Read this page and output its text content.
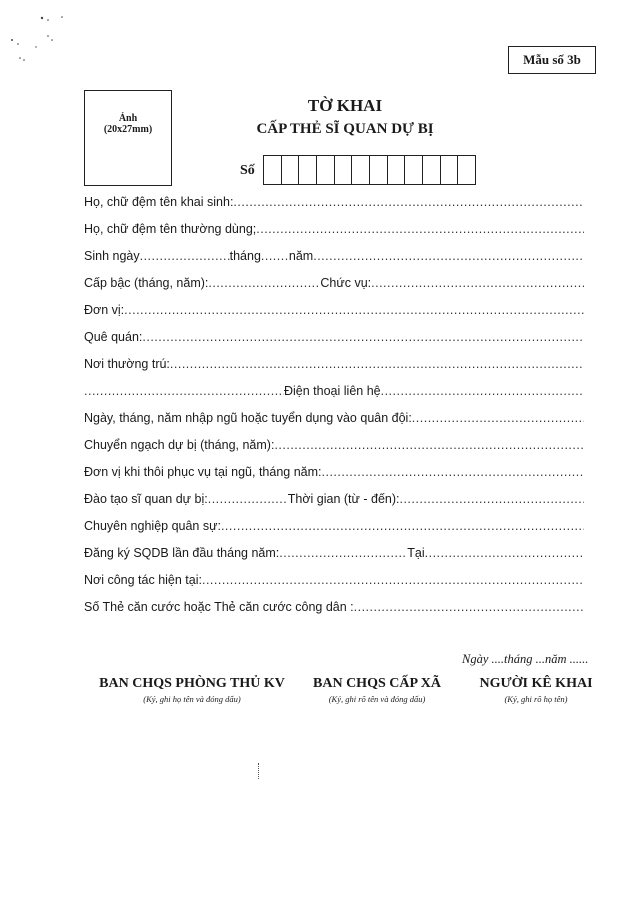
Mẫu số 3b
Ảnh
(20x27mm)
TỜ KHAI
CẤP THẺ SĨ QUAN DỰ BỊ
Số
Họ, chữ đệm tên khai sinh:
.....
Họ, chữ đệm tên thường dùng;
.....
Sinh ngày .....	tháng ..... năm
.....
Cấp bậc (tháng, năm): .....	Chức vụ:
.....
Đơn vị:
.....
Quê quán:
.....
Nơi thường trú:
.....
.....
Điện thoại liên hệ
.....
Ngày, tháng, năm nhập ngũ hoặc tuyển dụng vào quân đội:
.....
Chuyển ngạch dự bị (tháng, năm):
.....
Đơn vị khi thôi phục vụ tại ngũ, tháng năm:
.....
Đào tạo sĩ quan dự bị: .....	Thời gian (từ - đến):
.....
Chuyên nghiệp quân sự:
.....
Đăng ký SQDB lần đầu tháng năm: .....	Tại
.....
Nơi công tác hiện tại:
.....
Số Thẻ căn cước hoặc Thẻ căn cước công dân :
.....
Ngày ....tháng ...năm ......
BAN CHQS PHÒNG THỦ KV
(Ký, ghi họ tên và đóng dấu)
BAN CHQS CẤP XÃ
(Ký, ghi rõ tên và đóng dấu)
NGƯỜI KÊ KHAI
(Ký, ghi rõ họ tên)
